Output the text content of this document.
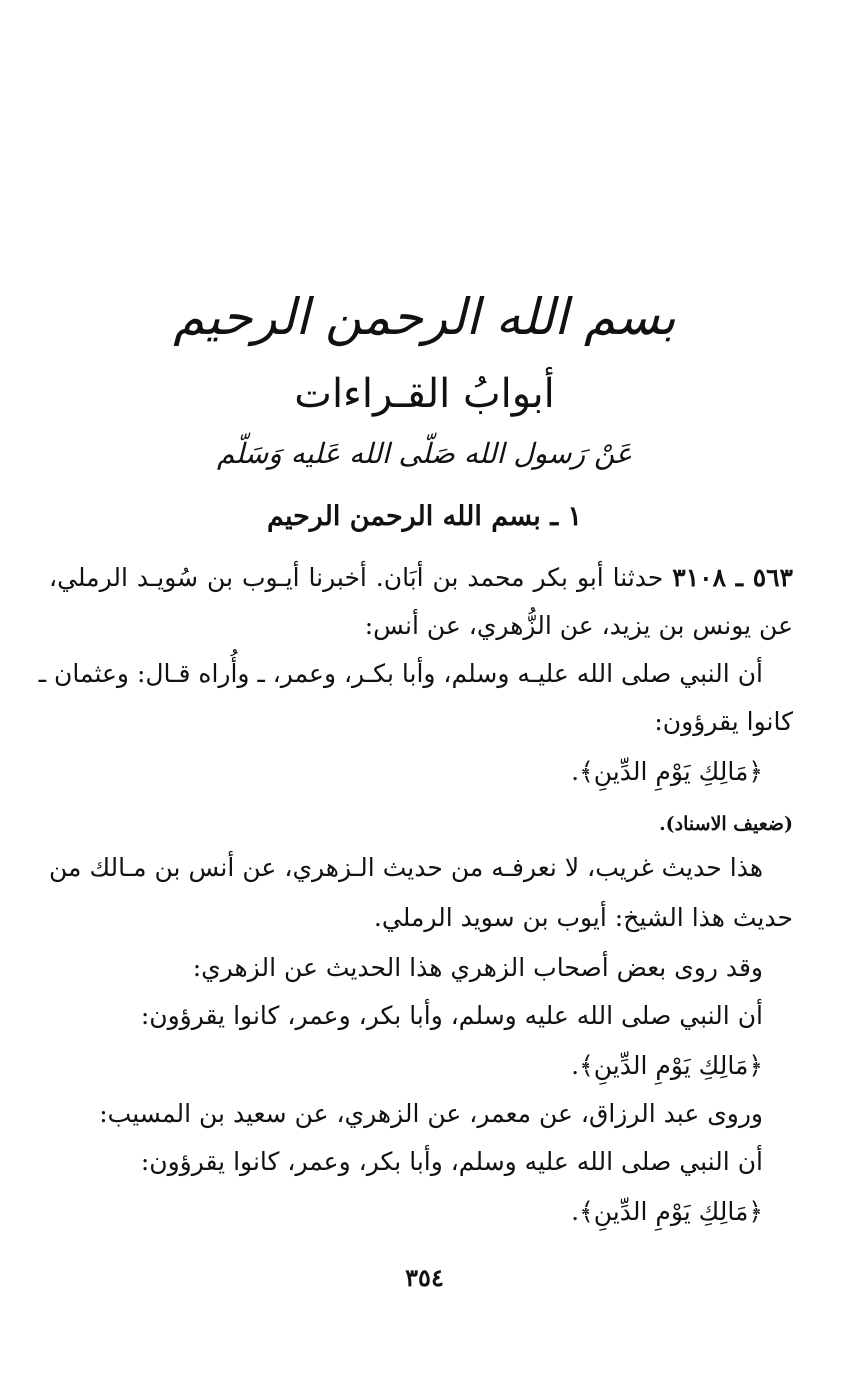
بسم الله الرحمن الرحيم
أبوابُ القـراءات
عَنْ رَسول الله صَلّى الله عَليه وَسَلّم
١ ـ بسم الله الرحمن الرحيم
٥٦٣ ـ ٣١٠٨ حدثنا أبو بكر محمد بن أبَان. أخبرنا أيـوب بن سُويـد الرملي،
عن يونس بن يزيد، عن الزُّهري، عن أنس:
أن النبي صلى الله عليـه وسلم، وأبا بكـر، وعمر، ـ وأُراه قـال: وعثمان ـ
كانوا يقرؤون:
﴿مَالِكِ يَوْمِ الدِّينِ﴾.
(ضعيف الاسناد).
هذا حديث غريب، لا نعرفـه من حديث الـزهري، عن أنس بن مـالك من
حديث هذا الشيخ: أيوب بن سويد الرملي.
وقد روى بعض أصحاب الزهري هذا الحديث عن الزهري:
أن النبي صلى الله عليه وسلم، وأبا بكر، وعمر، كانوا يقرؤون:
﴿مَالِكِ يَوْمِ الدِّينِ﴾.
وروى عبد الرزاق، عن معمر، عن الزهري، عن سعيد بن المسيب:
أن النبي صلى الله عليه وسلم، وأبا بكر، وعمر، كانوا يقرؤون:
﴿مَالِكِ يَوْمِ الدِّينِ﴾.
٣٥٤
